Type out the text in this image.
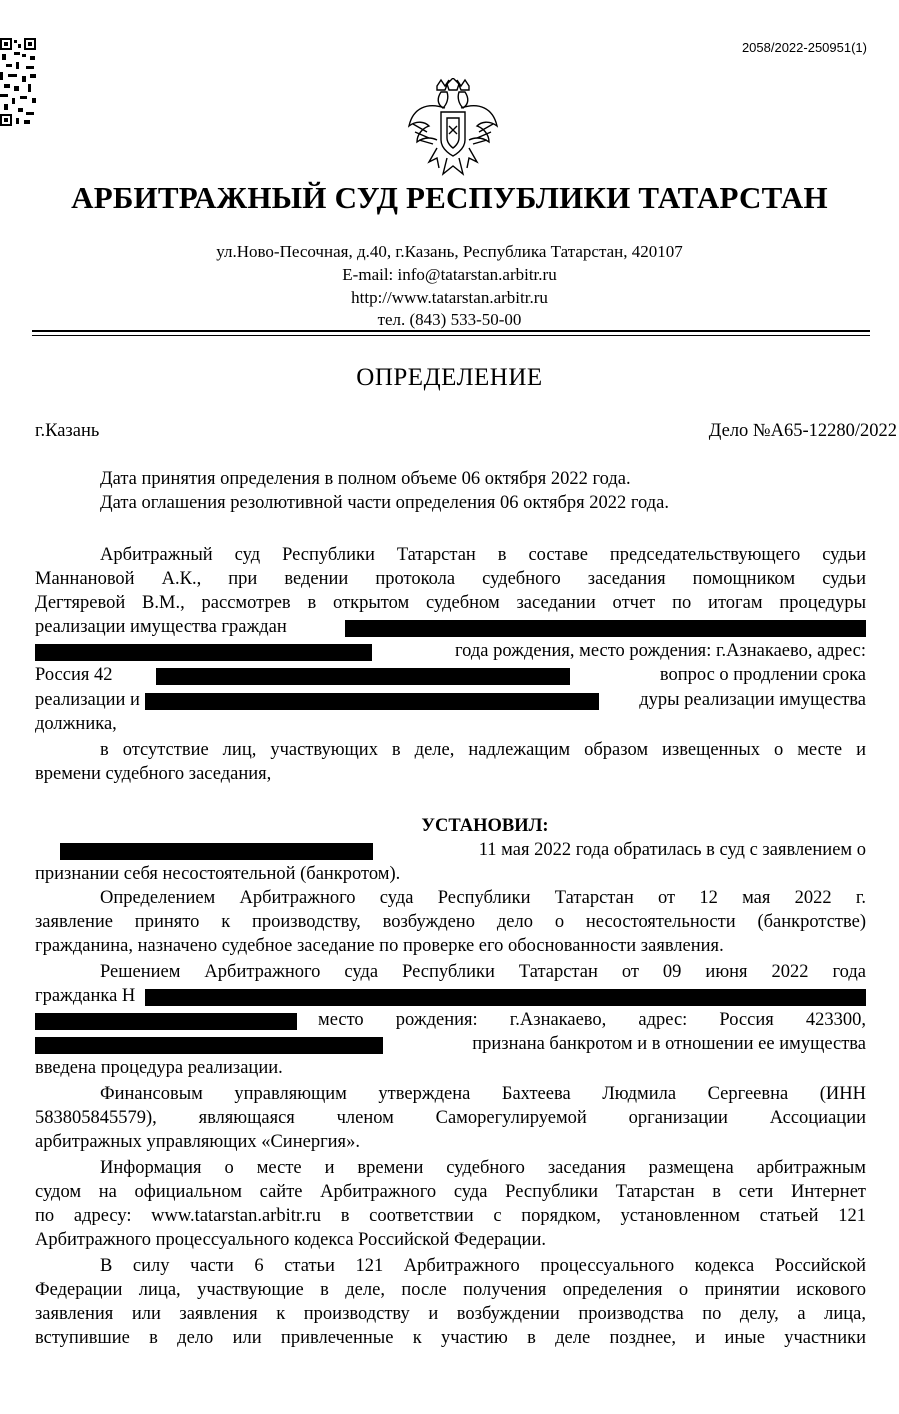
2058/2022-250951(1)
АРБИТРАЖНЫЙ СУД РЕСПУБЛИКИ ТАТАРСТАН
ул.Ново-Песочная, д.40, г.Казань, Республика Татарстан, 420107
E-mail: info@tatarstan.arbitr.ru
http://www.tatarstan.arbitr.ru
тел. (843) 533-50-00
ОПРЕДЕЛЕНИЕ
г.Казань	Дело №А65-12280/2022
Дата принятия определения в полном объеме 06 октября 2022 года.
Дата оглашения резолютивной части определения 06 октября 2022 года.
Арбитражный суд Республики Татарстан в составе председательствующего судьи
Маннановой А.К., при ведении протокола судебного заседания помощником судьи
Дегтяревой В.М., рассмотрев в открытом судебном заседании отчет по итогам процедуры
реализации имущества граждан
года рождения, место рождения: г.Азнакаево, адрес:
Россия 42	вопрос о продлении срока
реализации и	дуры реализации имущества
должника,
в отсутствие лиц, участвующих в деле, надлежащим образом извещенных о месте и
времени судебного заседания,
УСТАНОВИЛ:
11 мая 2022 года обратилась в суд с заявлением о
признании себя несостоятельной (банкротом).
Определением Арбитражного суда Республики Татарстан от 12 мая 2022 г.
заявление принято к производству, возбуждено дело о несостоятельности (банкротстве)
гражданина, назначено судебное заседание по проверке его обоснованности заявления.
Решением Арбитражного суда Республики Татарстан от 09 июня 2022 года
гражданка Н
место рождения: г.Азнакаево, адрес: Россия 423300,
признана банкротом и в отношении ее имущества
введена процедура реализации.
Финансовым управляющим утверждена Бахтеева Людмила Сергеевна (ИНН
583805845579), являющаяся членом Саморегулируемой организации Ассоциации
арбитражных управляющих «Синергия».
Информация о месте и времени судебного заседания размещена арбитражным
судом на официальном сайте Арбитражного суда Республики Татарстан в сети Интернет
по адресу: www.tatarstan.arbitr.ru в соответствии с порядком, установленном статьей 121
Арбитражного процессуального кодекса Российской Федерации.
В силу части 6 статьи 121 Арбитражного процессуального кодекса Российской
Федерации лица, участвующие в деле, после получения определения о принятии искового
заявления или заявления к производству и возбуждении производства по делу, а лица,
вступившие в дело или привлеченные к участию в деле позднее, и иные участники
